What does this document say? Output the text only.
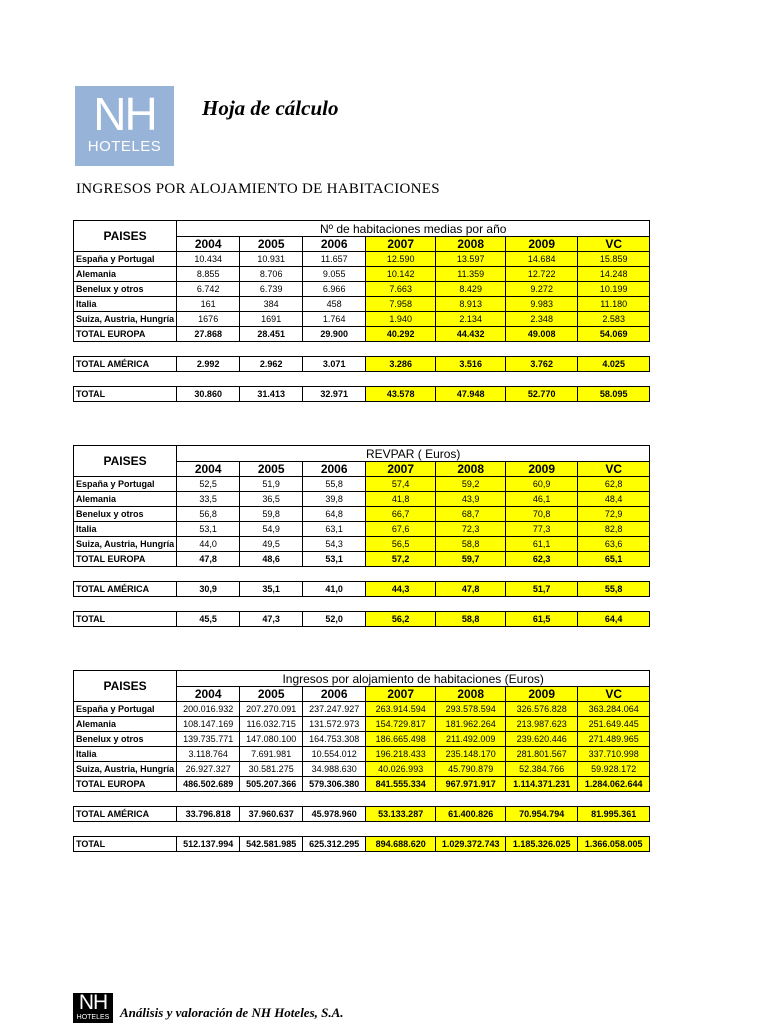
NH
HOTELES
Hoja de cálculo
INGRESOS POR ALOJAMIENTO DE HABITACIONES
PAISES	Nº de habitaciones medias por año						
	2004	2005	2006	2007	2008	2009	VC
España y Portugal	10.434	10.931	11.657	12.590	13.597	14.684	15.859
Alemania	8.855	8.706	9.055	10.142	11.359	12.722	14.248
Benelux y otros	6.742	6.739	6.966	7.663	8.429	9.272	10.199
Italia	161	384	458	7.958	8.913	9.983	11.180
Suiza, Austria, Hungría	1676	1691	1.764	1.940	2.134	2.348	2.583
TOTAL EUROPA	27.868	28.451	29.900	40.292	44.432	49.008	54.069

TOTAL AMÉRICA	2.992	2.962	3.071	3.286	3.516	3.762	4.025

TOTAL	30.860	31.413	32.971	43.578	47.948	52.770	58.095
PAISES	REVPAR ( Euros)						
	2004	2005	2006	2007	2008	2009	VC
España y Portugal	52,5	51,9	55,8	57,4	59,2	60,9	62,8
Alemania	33,5	36,5	39,8	41,8	43,9	46,1	48,4
Benelux y otros	56,8	59,8	64,8	66,7	68,7	70,8	72,9
Italia	53,1	54,9	63,1	67,6	72,3	77,3	82,8
Suiza, Austria, Hungría	44,0	49,5	54,3	56,5	58,8	61,1	63,6
TOTAL EUROPA	47,8	48,6	53,1	57,2	59,7	62,3	65,1

TOTAL AMÉRICA	30,9	35,1	41,0	44,3	47,8	51,7	55,8

TOTAL	45,5	47,3	52,0	56,2	58,8	61,5	64,4
PAISES	Ingresos por alojamiento de habitaciones (Euros)						
	2004	2005	2006	2007	2008	2009	VC
España y Portugal	200.016.932	207.270.091	237.247.927	263.914.594	293.578.594	326.576.828	363.284.064
Alemania	108.147.169	116.032.715	131.572.973	154.729.817	181.962.264	213.987.623	251.649.445
Benelux y otros	139.735.771	147.080.100	164.753.308	186.665.498	211.492.009	239.620.446	271.489.965
Italia	3.118.764	7.691.981	10.554.012	196.218.433	235.148.170	281.801.567	337.710.998
Suiza, Austria, Hungría	26.927.327	30.581.275	34.988.630	40.026.993	45.790.879	52.384.766	59.928.172
TOTAL EUROPA	486.502.689	505.207.366	579.306.380	841.555.334	967.971.917	1.114.371.231	1.284.062.644

TOTAL AMÉRICA	33.796.818	37.960.637	45.978.960	53.133.287	61.400.826	70.954.794	81.995.361

TOTAL	512.137.994	542.581.985	625.312.295	894.688.620	1.029.372.743	1.185.326.025	1.366.058.005
NH
HOTELES Análisis y valoración de NH Hoteles, S.A.
